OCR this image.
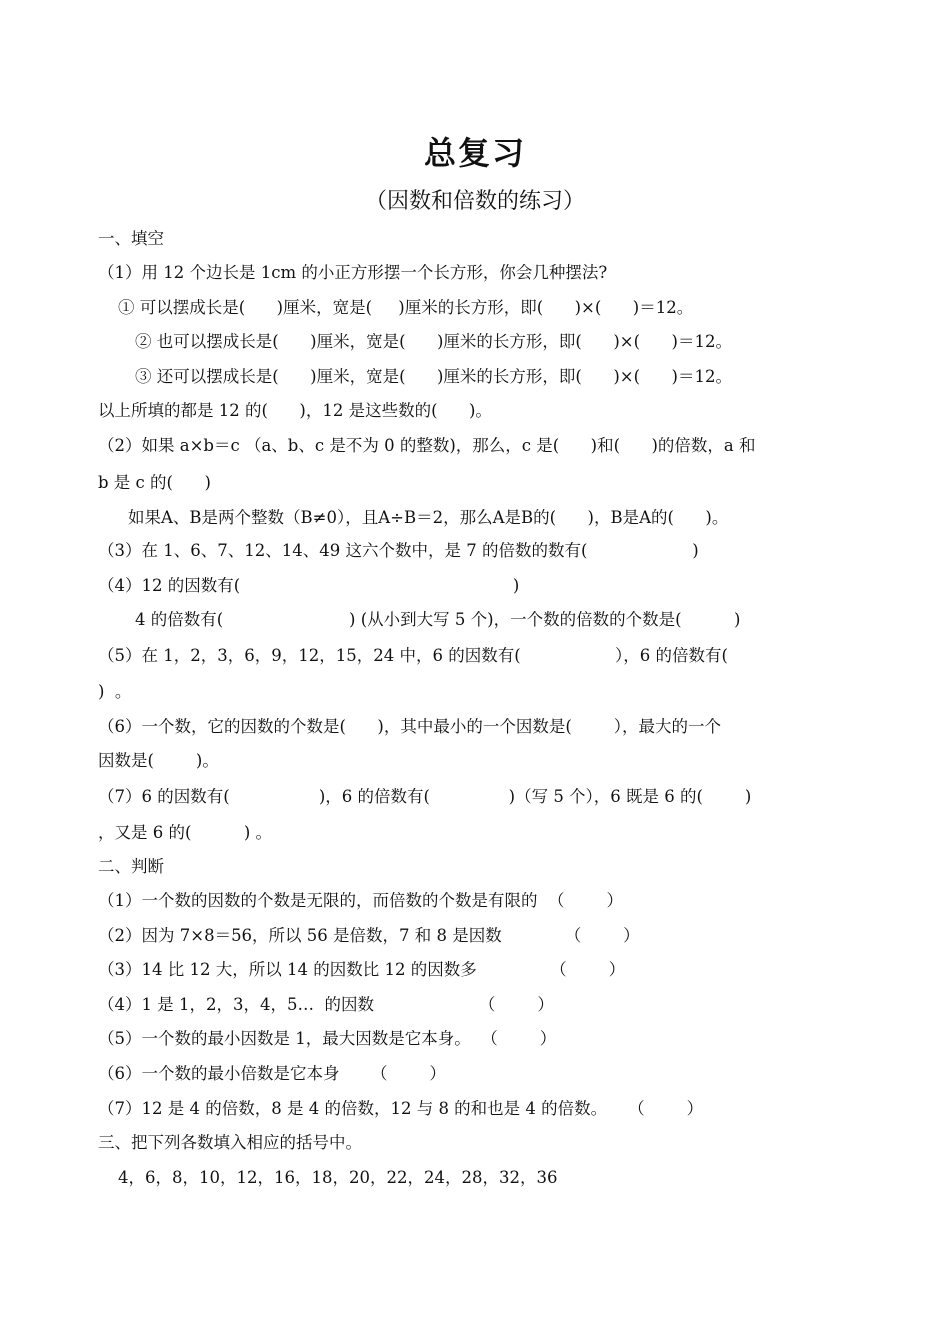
总复习
（因数和倍数的练习）
一、填空
（1）用 12 个边长是 1cm 的小正方形摆一个长方形，你会几种摆法?
① 可以摆成长是(      )厘米，宽是(     )厘米的长方形，即(      )×(      )＝12。
② 也可以摆成长是(      )厘米，宽是(      )厘米的长方形，即(      )×(      )＝12。
③ 还可以摆成长是(      )厘米，宽是(      )厘米的长方形，即(      )×(      )＝12。
以上所填的都是 12 的(      )，12 是这些数的(      )。
（2）如果 a×b＝c （a、b、c 是不为 0 的整数)，那么，c 是(      )和(      )的倍数，a 和
b 是 c 的(      )
如果A、B是两个整数（B≠0），且A÷B＝2，那么A是B的(      )，B是A的(      )。
（3）在 1、6、7、12、14、49 这六个数中，是 7 的倍数的数有(                    )
（4）12 的因数有(                                                    )
4 的倍数有(                        ) (从小到大写 5 个)，一个数的倍数的个数是(          )
（5）在 1，2，3，6，9，12，15，24 中，6 的因数有(                  ），6 的倍数有(
)  。
（6）一个数，它的因数的个数是(      )，其中最小的一个因数是(        ），最大的一个
因数是(        )。
（7）6 的因数有(                 )，6 的倍数有(               )（写 5 个），6 既是 6 的(        )
，又是 6 的(          ) 。
二、判断
（1）一个数的因数的个数是无限的，而倍数的个数是有限的  （        ）
（2）因为 7×8＝56，所以 56 是倍数，7 和 8 是因数            （        ）
（3）14 比 12 大，所以 14 的因数比 12 的因数多              （        ）
（4）1 是 1，2，3，4，5…  的因数                    （        ）
（5）一个数的最小因数是 1，最大因数是它本身。  （        ）
（6）一个数的最小倍数是它本身      （        ）
（7）12 是 4 的倍数，8 是 4 的倍数，12 与 8 的和也是 4 的倍数。    （        ）
三、把下列各数填入相应的括号中。
4，6，8，10，12，16，18，20，22，24，28，32，36
